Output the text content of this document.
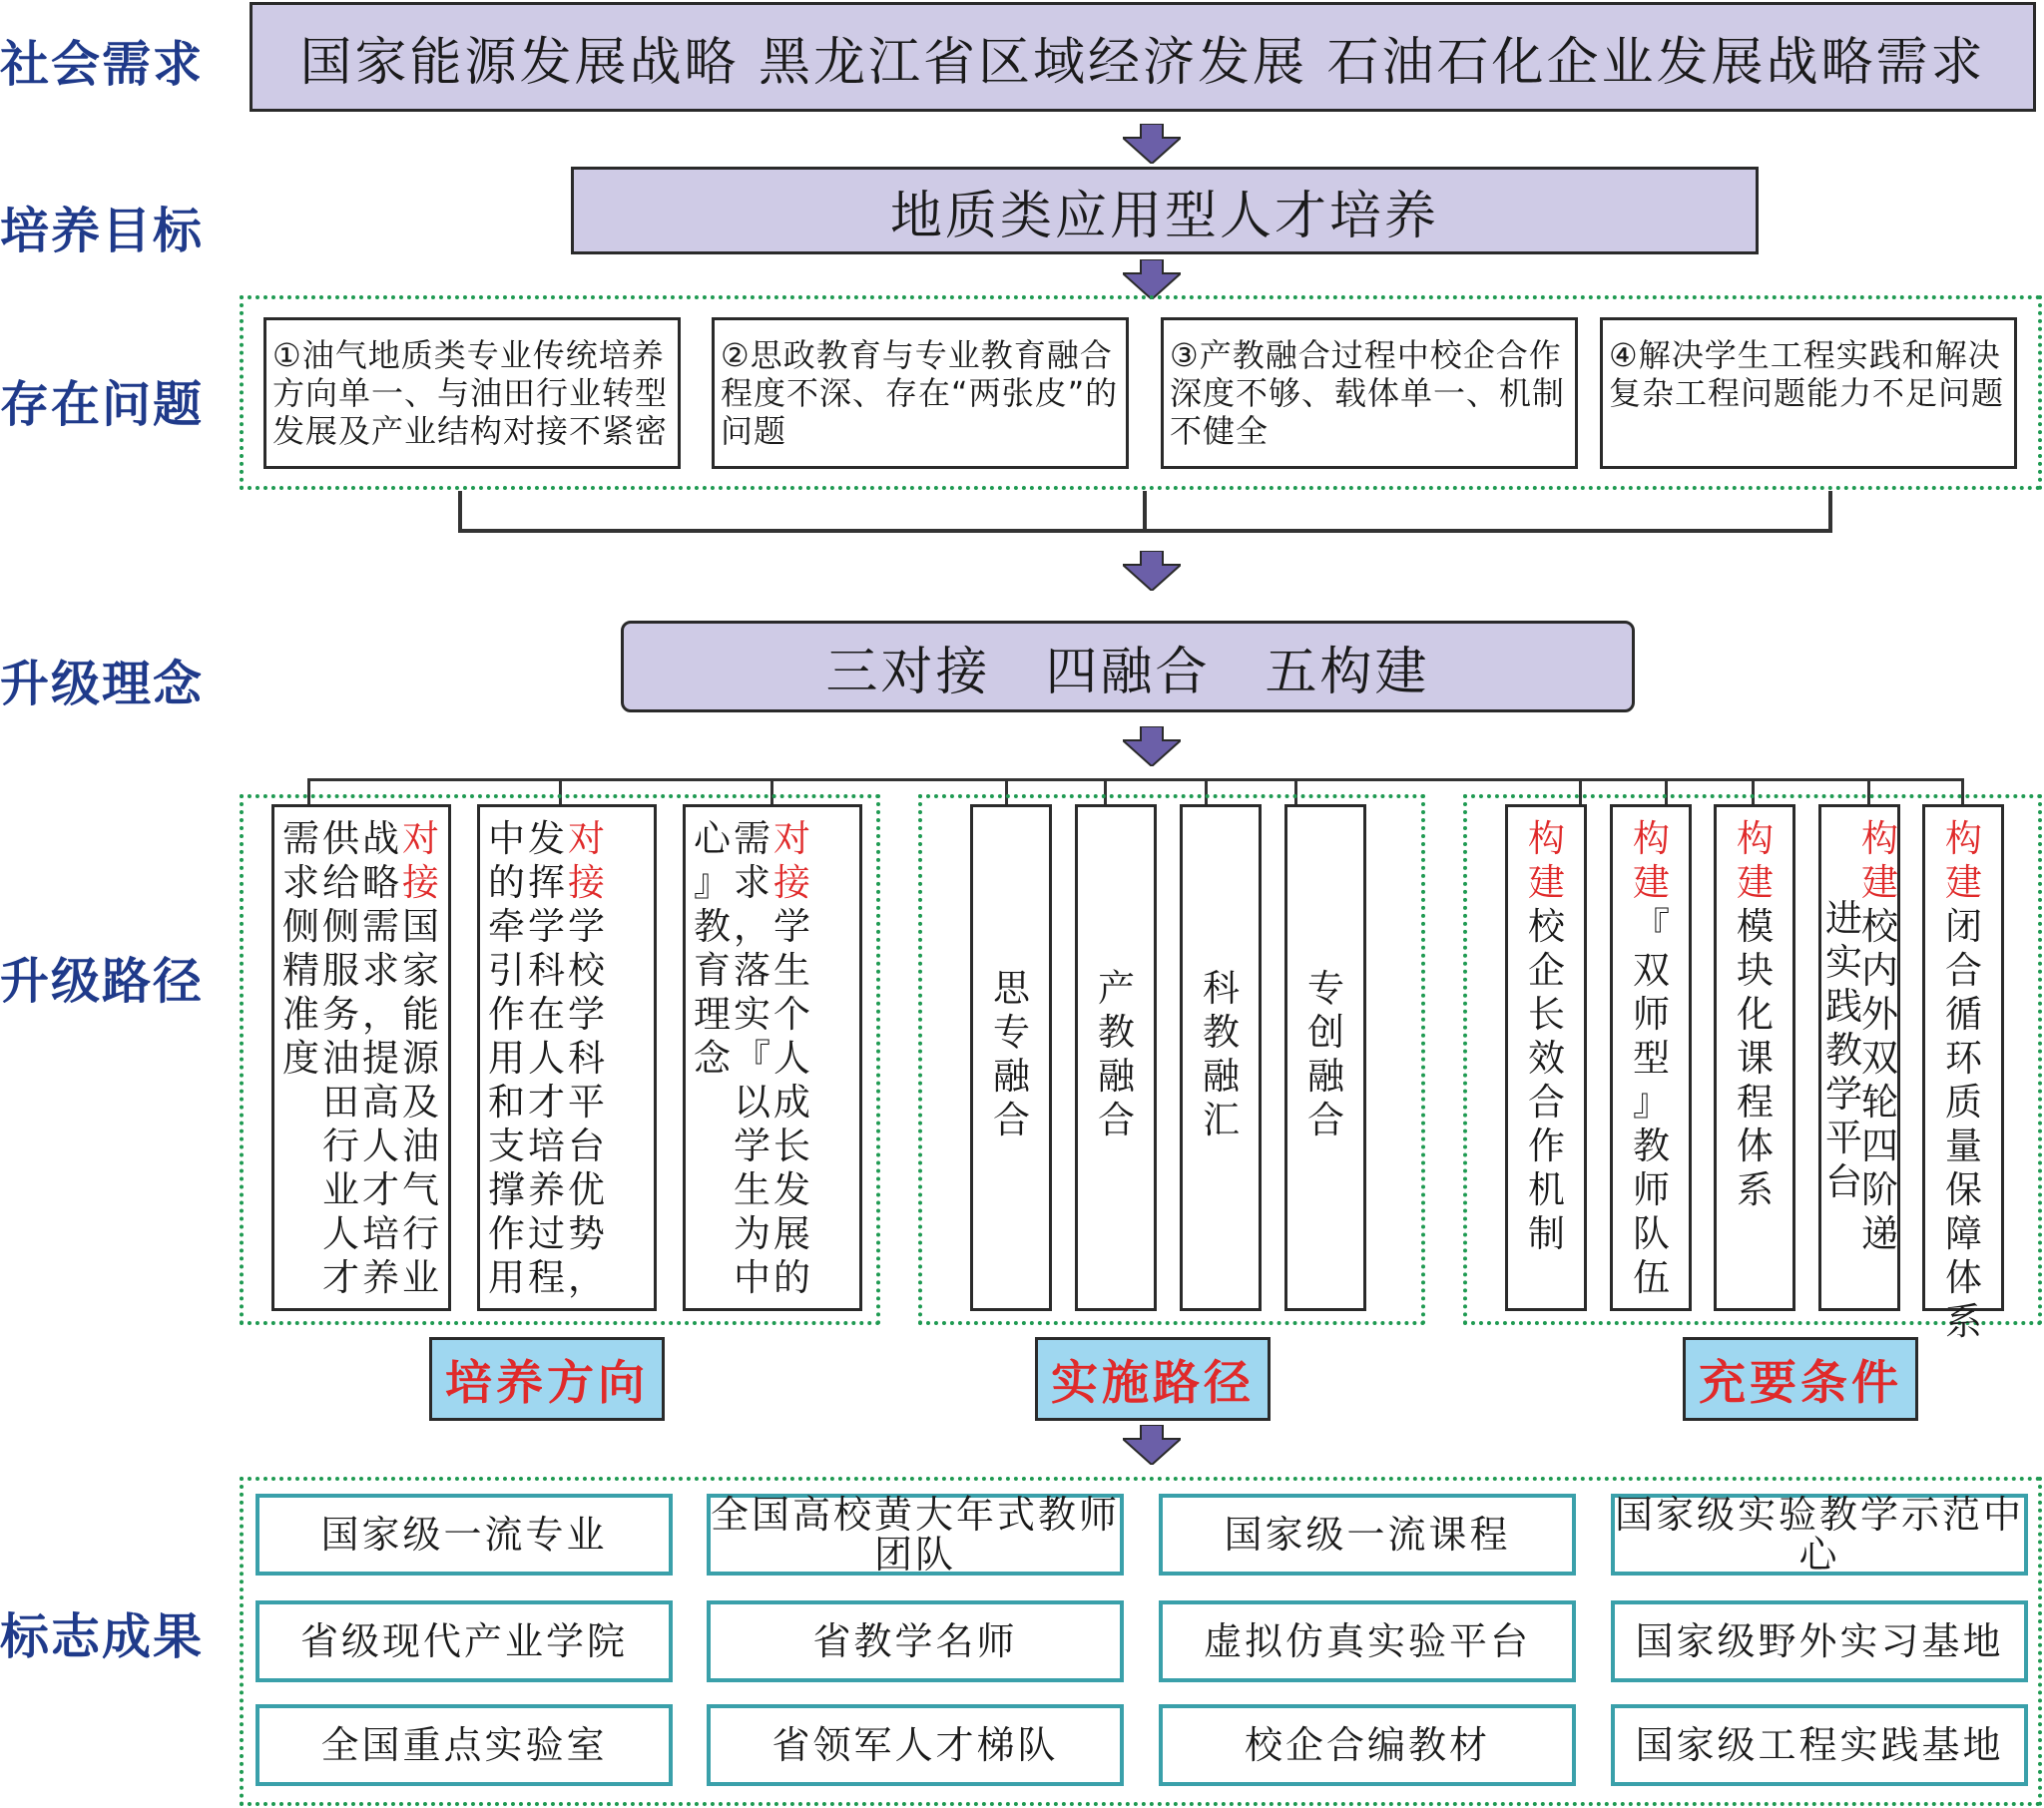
社会需求
培养目标
存在问题
升级理念
升级路径
标志成果
国家能源发展战略 黑龙江省区域经济发展 石油石化企业发展战略需求
地质类应用型人才培养
①油气地质类专业传统培养方向单一、与油田行业转型发展及产业结构对接不紧密
②思政教育与专业教育融合程度不深、存在“两张皮”的问题
③产教融合过程中校企合作深度不够、载体单一、机制不健全
④解决学生工程实践和解决复杂工程问题能力不足问题
三对接　四融合　五构建
需
求
侧
精
准
度

供
给
侧
服
务
油
田
行
业
人
才
战
略
需
求
，
提
高
人
才
培
养
对
接
国
家
能
源
及
油
气
行
业
中
的
牵
引
作
用
和
支
撑
作
用
发
挥
学
科
在
人
才
培
养
过
程
对
接
学
校
学
科
平
台
优
势
，
心
』
教
育
理
念

需
求
，
落
实
『
以
学
生
为
中
对
接
学
生
个
人
成
长
发
展
的
思
专
融
合
产
教
融
合
科
教
融
汇
专
创
融
合
构
建
校
企
长
效
合
作
机
制
构
建
『
双
师
型
』
教
师
队
伍
构
建
模
块
化
课
程
体
系
构
建
校
内
外
双
轮
四
阶
递
进
实
践
教
学
平
台
构
建
闭
合
循
环
质
量
保
障
体
系
培养方向	实施路径	充要条件
国家级一流专业	全国高校黄大年式教师团队	国家级一流课程	国家级实验教学示范中心
省级现代产业学院	省教学名师	虚拟仿真实验平台	国家级野外实习基地
全国重点实验室	省领军人才梯队	校企合编教材	国家级工程实践基地
